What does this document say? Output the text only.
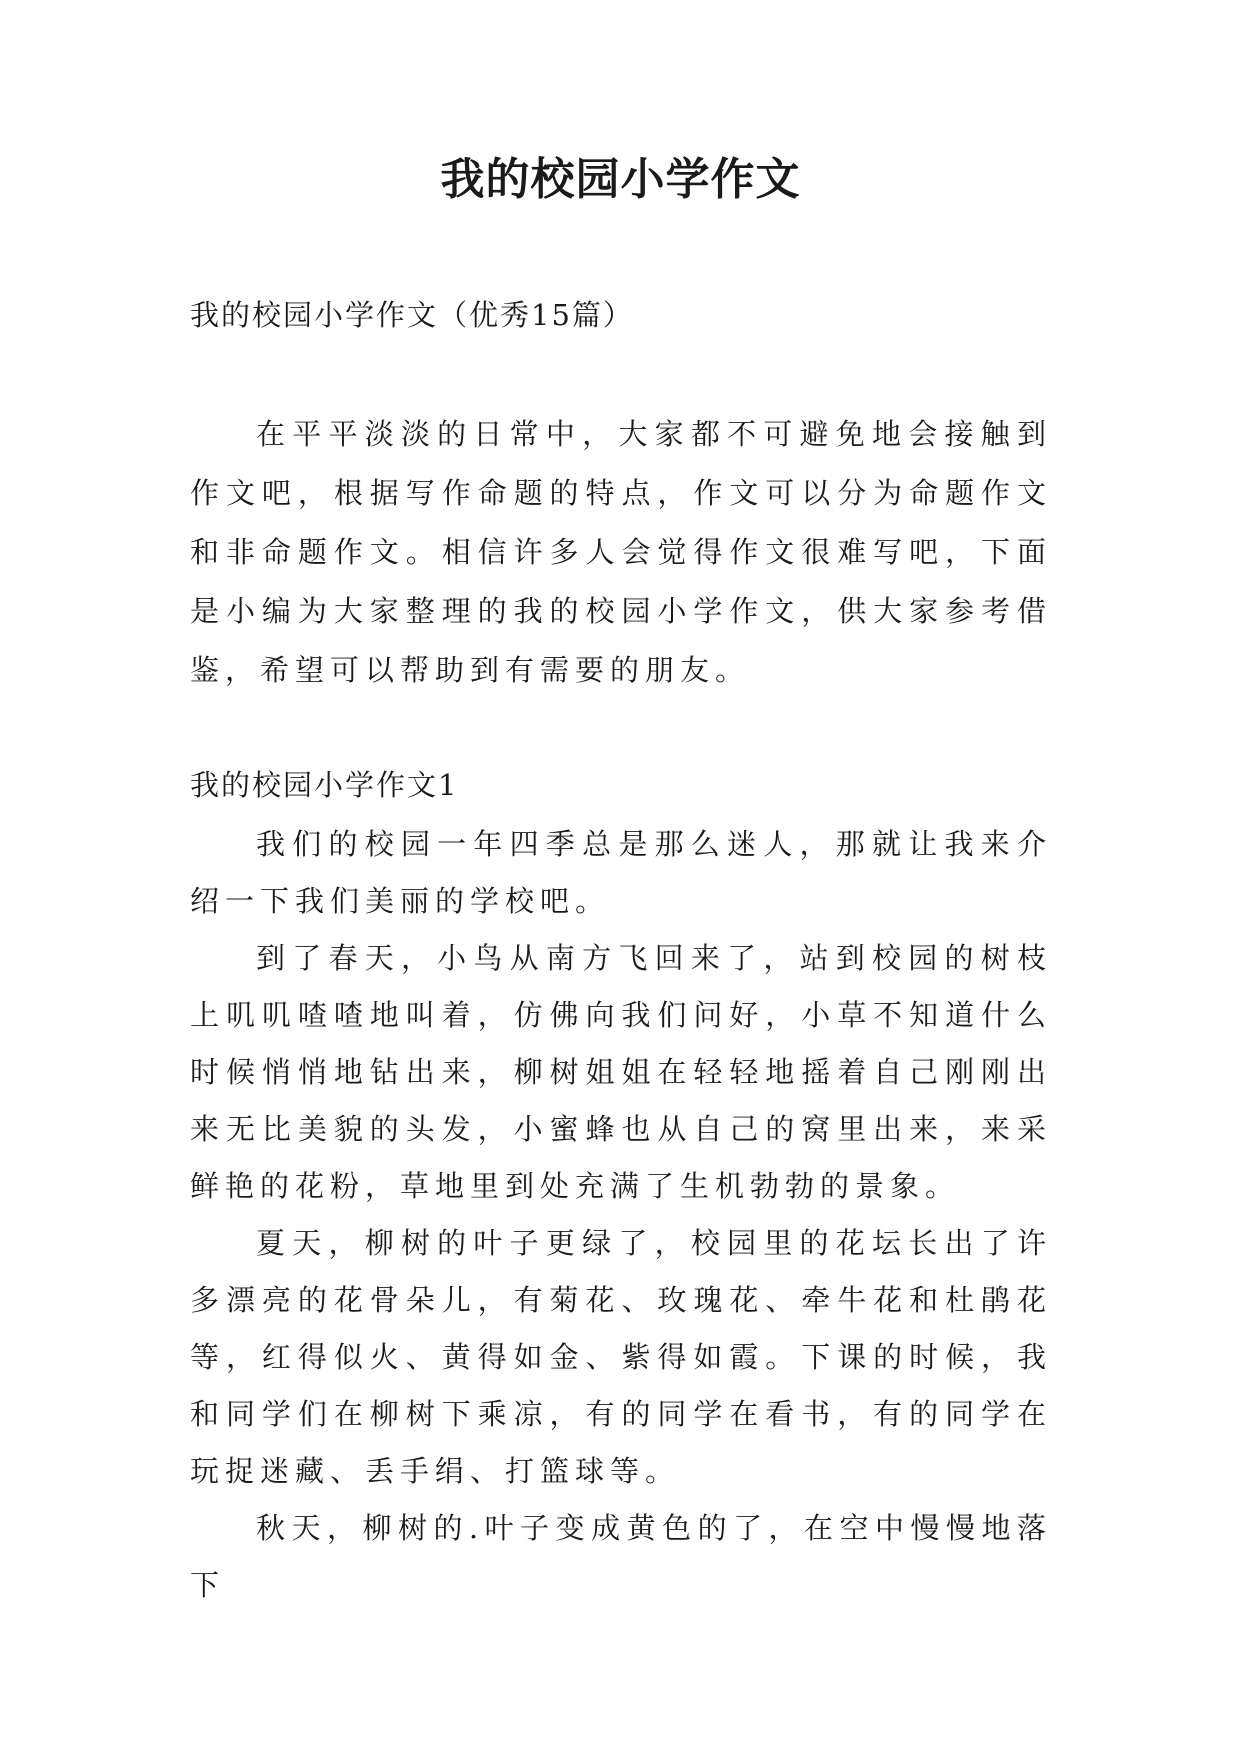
我的校园小学作文
我的校园小学作文（优秀15篇）

在平平淡淡的日常中，大家都不可避免地会接触到作文吧，根据写作命题的特点，作文可以分为命题作文和非命题作文。相信许多人会觉得作文很难写吧，下面是小编为大家整理的我的校园小学作文，供大家参考借鉴，希望可以帮助到有需要的朋友。

我的校园小学作文1

我们的校园一年四季总是那么迷人，那就让我来介绍一下我们美丽的学校吧。

到了春天，小鸟从南方飞回来了，站到校园的树枝上叽叽喳喳地叫着，仿佛向我们问好，小草不知道什么时候悄悄地钻出来，柳树姐姐在轻轻地摇着自己刚刚出来无比美貌的头发，小蜜蜂也从自己的窝里出来，来采鲜艳的花粉，草地里到处充满了生机勃勃的景象。

夏天，柳树的叶子更绿了，校园里的花坛长出了许多漂亮的花骨朵儿，有菊花、玫瑰花、牵牛花和杜鹃花等，红得似火、黄得如金、紫得如霞。下课的时候，我和同学们在柳树下乘凉，有的同学在看书，有的同学在玩捉迷藏、丢手绢、打篮球等。

秋天，柳树的.叶子变成黄色的了，在空中慢慢地落下
